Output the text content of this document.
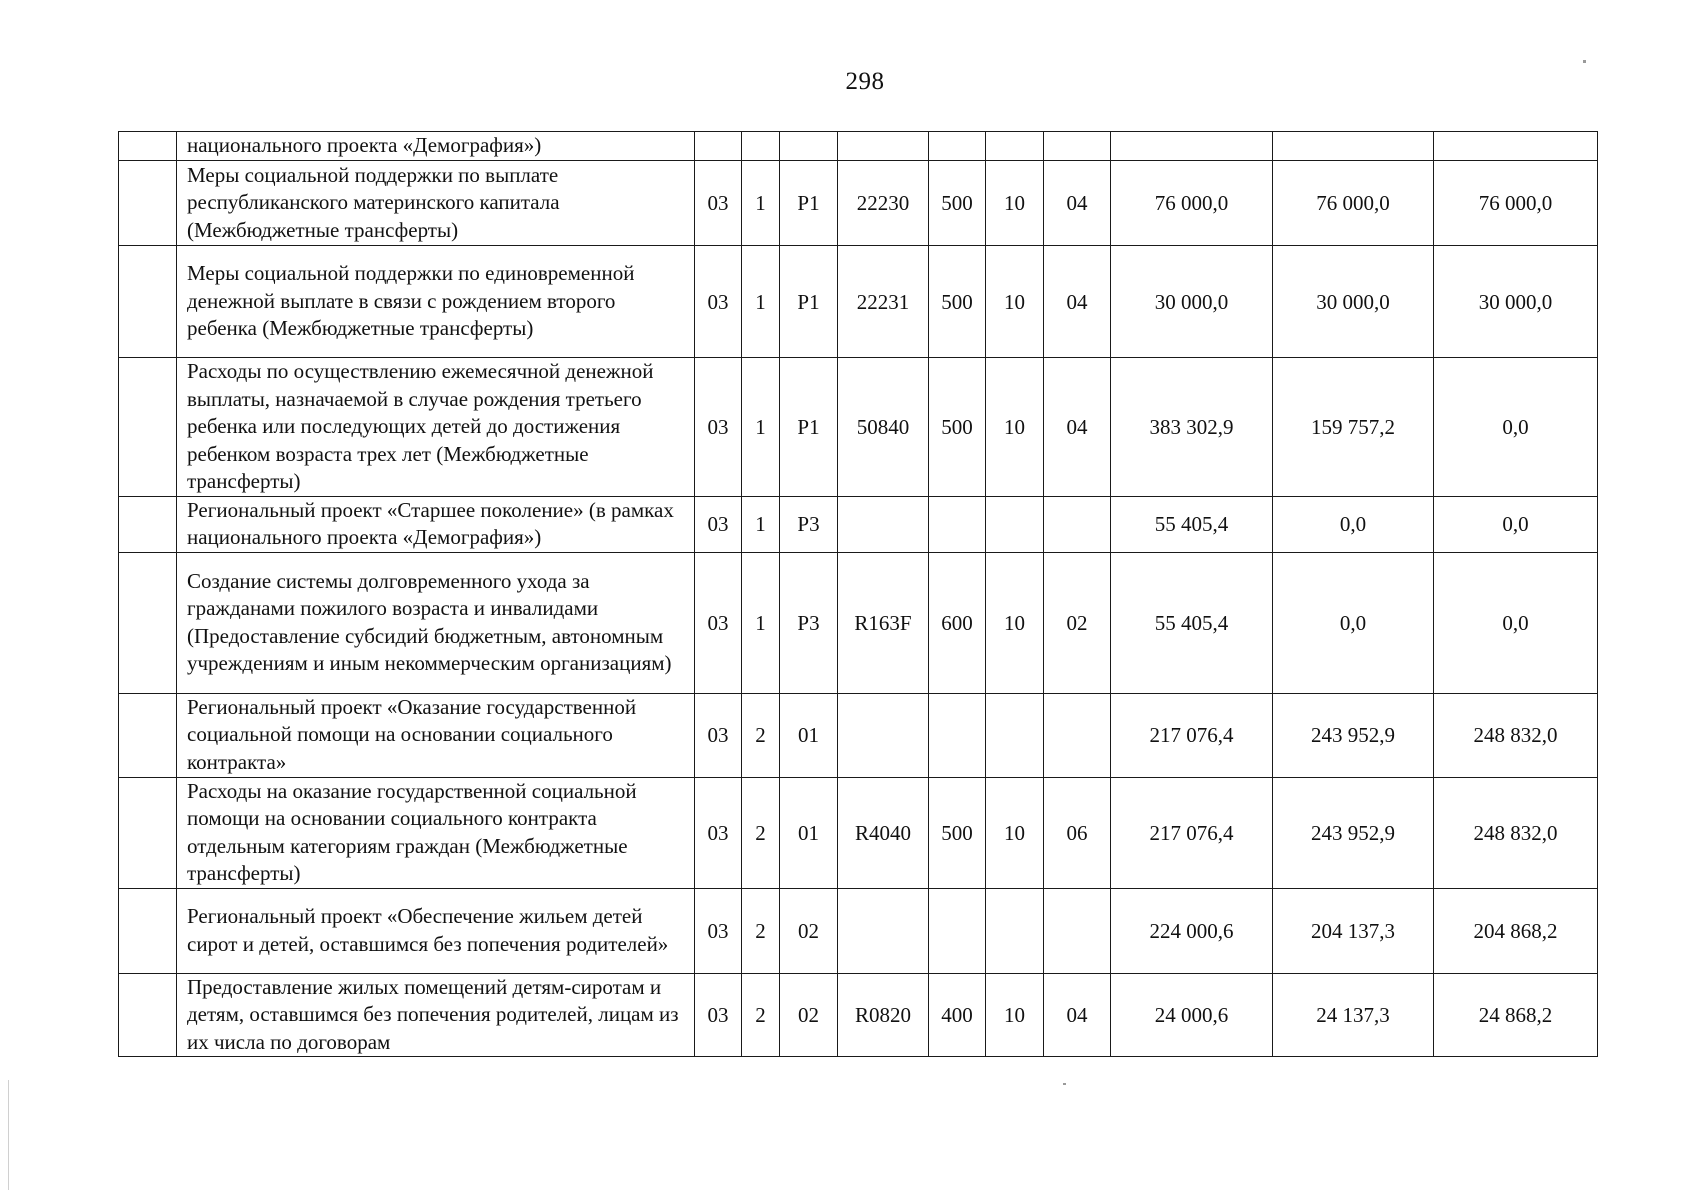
298
	национального проекта «Демография»)										
	Меры социальной поддержки по выплате республиканского материнского капитала (Межбюджетные трансферты)	03	1	P1	22230	500	10	04	76 000,0	76 000,0	76 000,0
	Меры социальной поддержки по единовременной денежной выплате в связи с рождением второго ребенка (Межбюджетные трансферты)	03	1	P1	22231	500	10	04	30 000,0	30 000,0	30 000,0
	Расходы по осуществлению ежемесячной денежной выплаты, назначаемой в случае рождения третьего ребенка или последующих детей до достижения ребенком возраста трех лет (Межбюджетные трансферты)	03	1	P1	50840	500	10	04	383 302,9	159 757,2	0,0
	Региональный проект «Старшее поколение» (в рамках национального проекта «Демография»)	03	1	P3					55 405,4	0,0	0,0
	Создание системы долговременного ухода за гражданами пожилого возраста и инвалидами (Предоставление субсидий бюджетным, автономным учреждениям и иным некоммерческим организациям)	03	1	P3	R163F	600	10	02	55 405,4	0,0	0,0
	Региональный проект «Оказание государственной социальной помощи на основании социального контракта»	03	2	01					217 076,4	243 952,9	248 832,0
	Расходы на оказание государственной социальной помощи на основании социального контракта отдельным категориям граждан (Межбюджетные трансферты)	03	2	01	R4040	500	10	06	217 076,4	243 952,9	248 832,0
	Региональный проект «Обеспечение жильем детей сирот и детей, оставшимся без попечения родителей»	03	2	02					224 000,6	204 137,3	204 868,2
	Предоставление жилых помещений детям-сиротам и детям, оставшимся без попечения родителей, лицам из их числа по договорам	03	2	02	R0820	400	10	04	24 000,6	24 137,3	24 868,2
